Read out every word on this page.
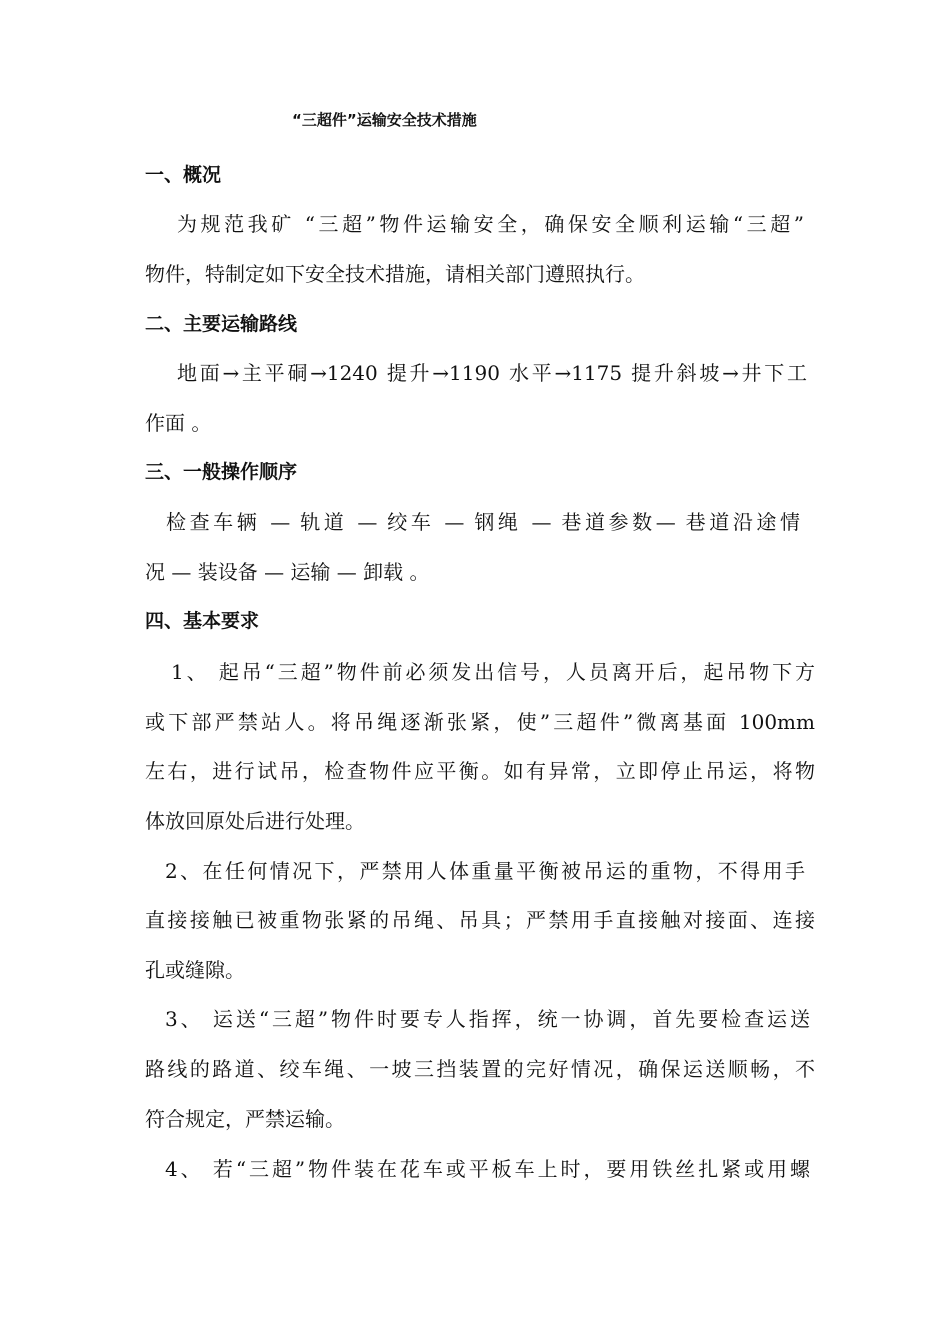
“三超件”运输安全技术措施
一、概况
为规范我矿 “三超”物件运输安全，确保安全顺利运输“三超”
物件，特制定如下安全技术措施，请相关部门遵照执行。
二、主要运输路线
地面→主平硐→1240 提升→1190 水平→1175 提升斜坡→井下工
作面 。
三、一般操作顺序
检查车辆 — 轨道 — 绞车 — 钢绳 — 巷道参数— 巷道沿途情
况 — 装设备 — 运输 — 卸载 。
四、基本要求
1、 起吊“三超”物件前必须发出信号，人员离开后，起吊物下方
或下部严禁站人。将吊绳逐渐张紧，使”三超件”微离基面 100mm
左右，进行试吊，检查物件应平衡。如有异常，立即停止吊运，将物
体放回原处后进行处理。
2、在任何情况下，严禁用人体重量平衡被吊运的重物，不得用手
直接接触已被重物张紧的吊绳、吊具；严禁用手直接触对接面、连接
孔或缝隙。
3、 运送“三超”物件时要专人指挥，统一协调，首先要检查运送
路线的路道、绞车绳、一坡三挡装置的完好情况，确保运送顺畅，不
符合规定，严禁运输。
4、 若“三超”物件装在花车或平板车上时，要用铁丝扎紧或用螺
